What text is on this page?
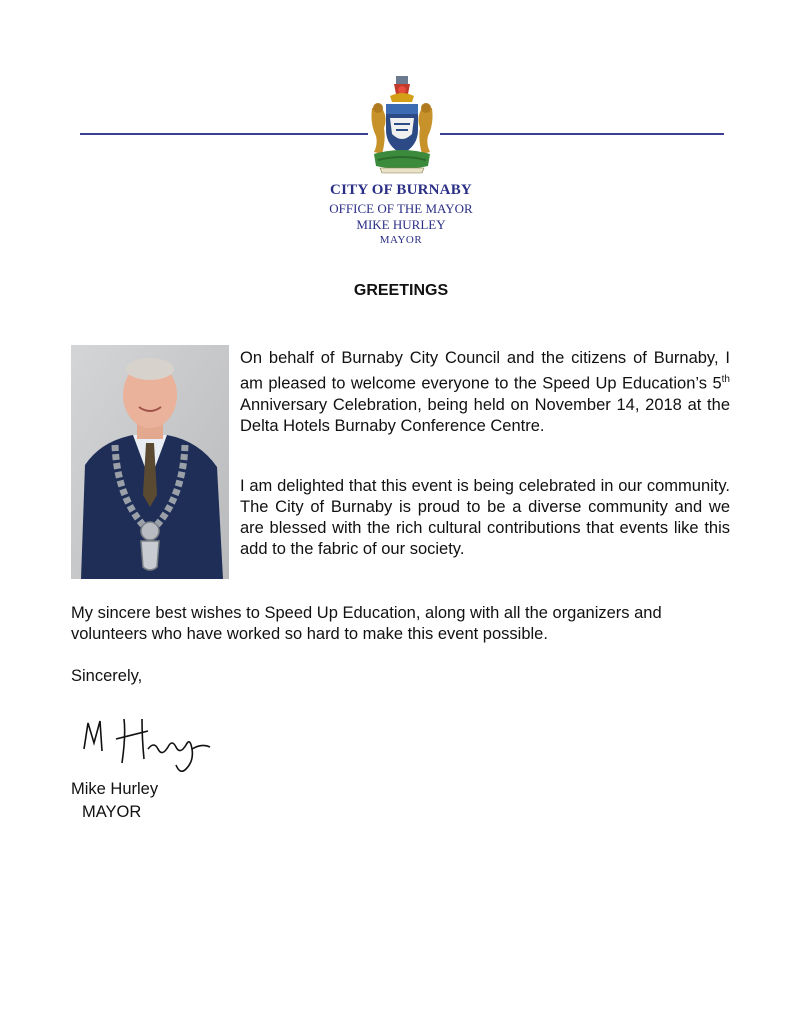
CITY OF BURNABY
OFFICE OF THE MAYOR
MIKE HURLEY
MAYOR
GREETINGS
On behalf of Burnaby City Council and the citizens of Burnaby, I am pleased to welcome everyone to the Speed Up Education’s 5th Anniversary Celebration, being held on November 14, 2018 at the Delta Hotels Burnaby Conference Centre.
I am delighted that this event is being celebrated in our community. The City of Burnaby is proud to be a diverse community and we are blessed with the rich cultural contributions that events like this add to the fabric of our society.
My sincere best wishes to Speed Up Education, along with all the organizers and volunteers who have worked so hard to make this event possible.
Sincerely,
Mike Hurley
MAYOR
